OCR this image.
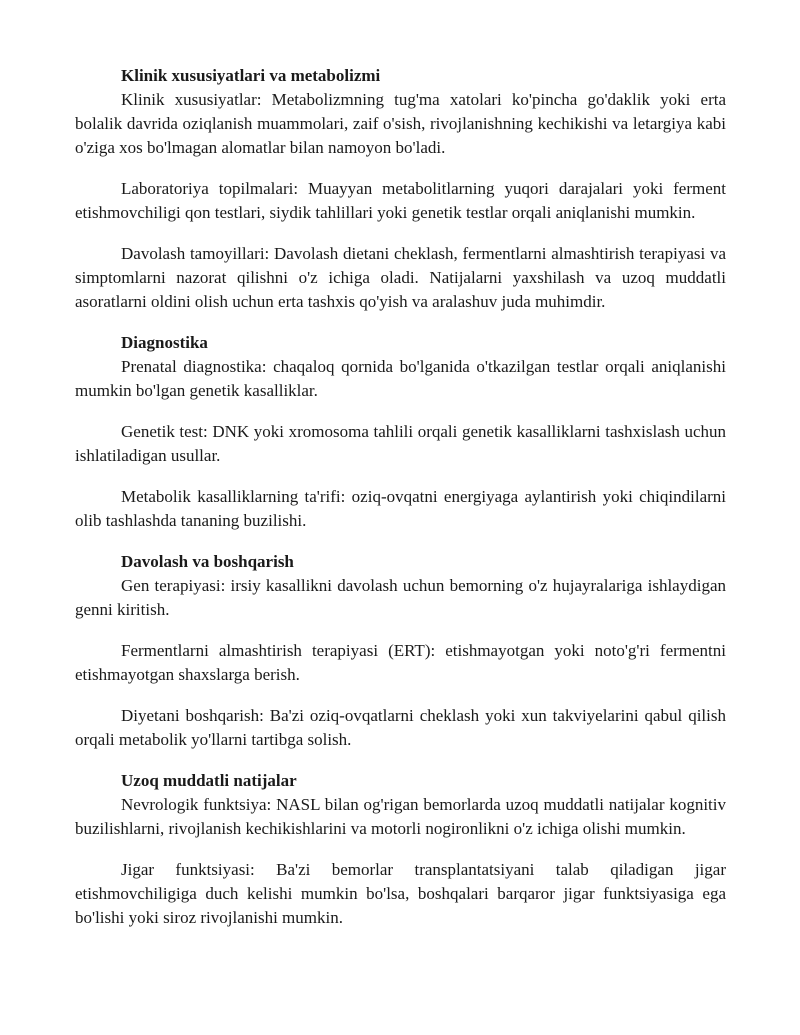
Klinik xususiyatlari va metabolizmi

Klinik xususiyatlar: Metabolizmning tug'ma xatolari ko'pincha go'daklik yoki erta bolalik davrida oziqlanish muammolari, zaif o'sish, rivojlanishning kechikishi va letargiya kabi o'ziga xos bo'lmagan alomatlar bilan namoyon bo'ladi.

Laboratoriya topilmalari: Muayyan metabolitlarning yuqori darajalari yoki ferment etishmovchiligi qon testlari, siydik tahlillari yoki genetik testlar orqali aniqlanishi mumkin.

Davolash tamoyillari: Davolash dietani cheklash, fermentlarni almashtirish terapiyasi va simptomlarni nazorat qilishni o'z ichiga oladi. Natijalarni yaxshilash va uzoq muddatli asoratlarni oldini olish uchun erta tashxis qo'yish va aralashuv juda muhimdir.

Diagnostika

Prenatal diagnostika: chaqaloq qornida bo'lganida o'tkazilgan testlar orqali aniqlanishi mumkin bo'lgan genetik kasalliklar.

Genetik test: DNK yoki xromosoma tahlili orqali genetik kasalliklarni tashxislash uchun ishlatiladigan usullar.

Metabolik kasalliklarning ta'rifi: oziq-ovqatni energiyaga aylantirish yoki chiqindilarni olib tashlashda tananing buzilishi.

Davolash va boshqarish

Gen terapiyasi: irsiy kasallikni davolash uchun bemorning o'z hujayralariga ishlaydigan genni kiritish.

Fermentlarni almashtirish terapiyasi (ERT): etishmayotgan yoki noto'g'ri fermentni etishmayotgan shaxslarga berish.

Diyetani boshqarish: Ba'zi oziq-ovqatlarni cheklash yoki xun takviyelarini qabul qilish orqali metabolik yo'llarni tartibga solish.

Uzoq muddatli natijalar

Nevrologik funktsiya: NASL bilan og'rigan bemorlarda uzoq muddatli natijalar kognitiv buzilishlarni, rivojlanish kechikishlarini va motorli nogironlikni o'z ichiga olishi mumkin.

Jigar funktsiyasi: Ba'zi bemorlar transplantatsiyani talab qiladigan jigar etishmovchiligiga duch kelishi mumkin bo'lsa, boshqalari barqaror jigar funktsiyasiga ega bo'lishi yoki siroz rivojlanishi mumkin.
